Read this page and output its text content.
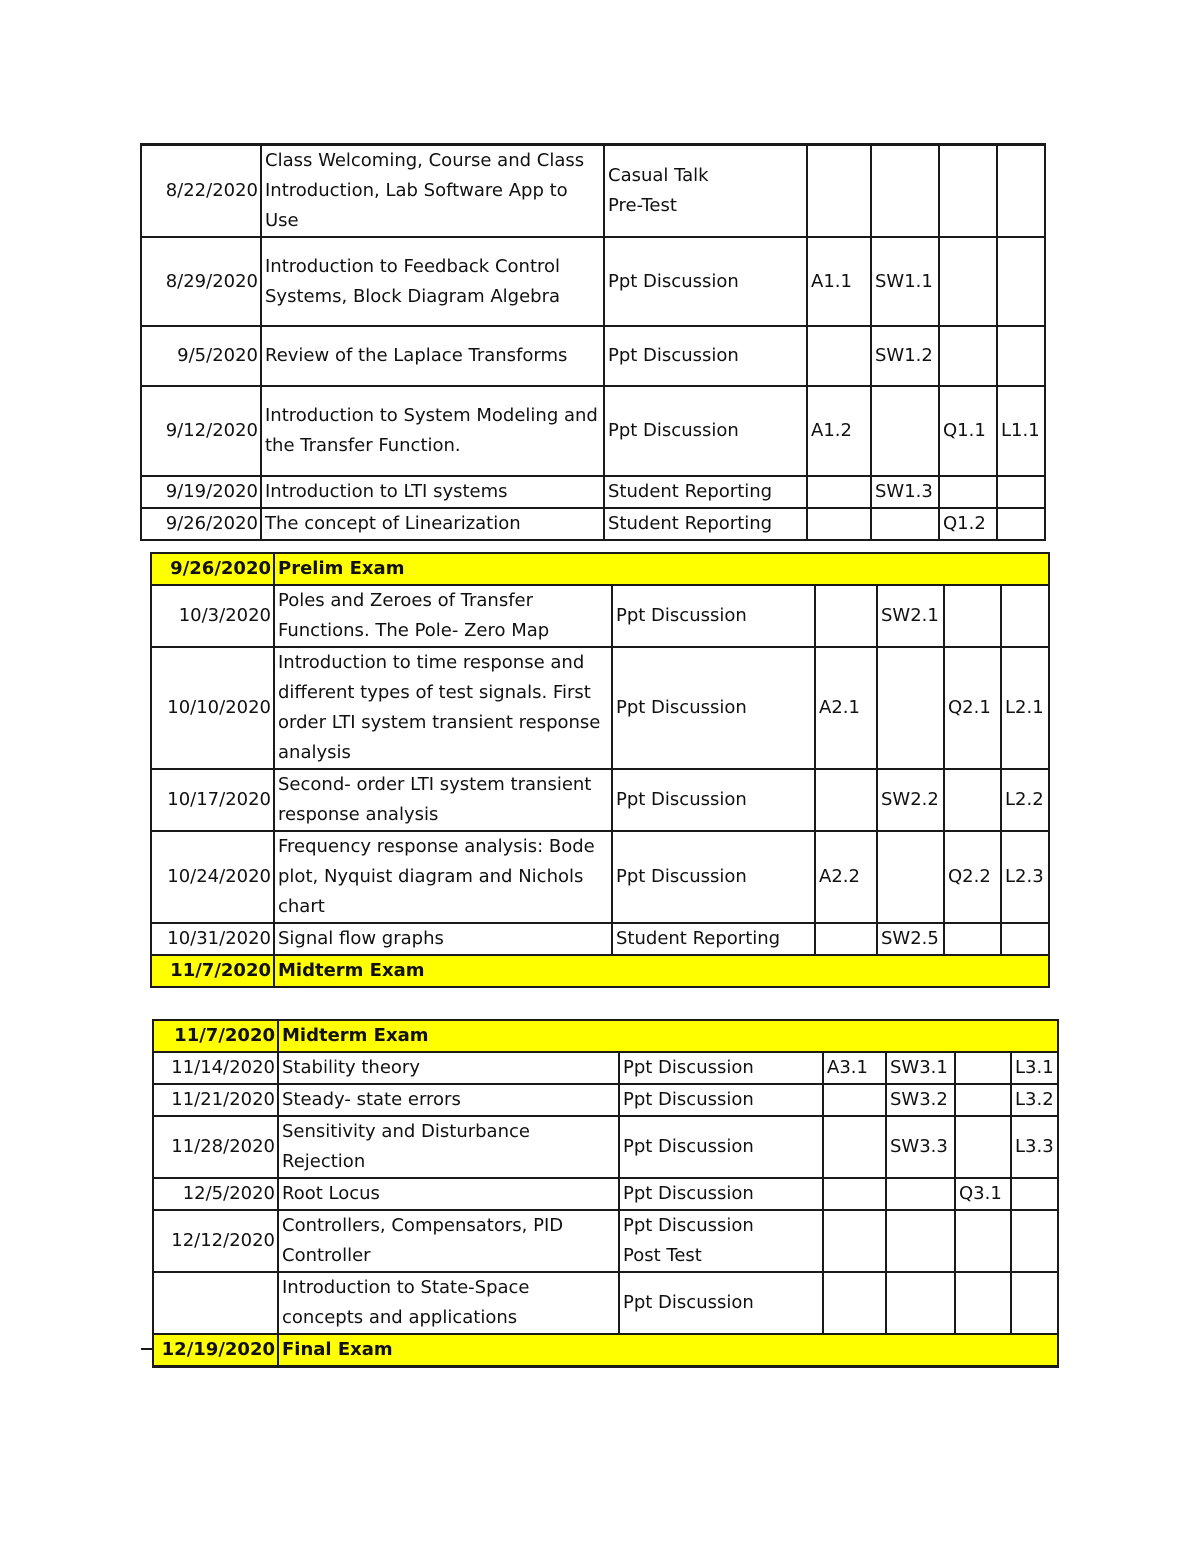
8/22/2020	Class Welcoming, Course and Class Introduction, Lab Software App to Use	Casual Talk
Pre-Test				
8/29/2020	Introduction to Feedback Control Systems, Block Diagram Algebra	Ppt Discussion	A1.1	SW1.1		
9/5/2020	Review of the Laplace Transforms	Ppt Discussion		SW1.2		
9/12/2020	Introduction to System Modeling and the Transfer Function.	Ppt Discussion	A1.2		Q1.1	L1.1
9/19/2020	Introduction to LTI systems	Student Reporting		SW1.3		
9/26/2020	The concept of Linearization	Student Reporting			Q1.2	
9/26/2020	Prelim Exam					
10/3/2020	Poles and Zeroes of Transfer Functions. The Pole- Zero Map	Ppt Discussion		SW2.1		
10/10/2020	Introduction to time response and different types of test signals. First order LTI system transient response analysis	Ppt Discussion	A2.1		Q2.1	L2.1
10/17/2020	Second- order LTI system transient response analysis	Ppt Discussion		SW2.2		L2.2
10/24/2020	Frequency response analysis: Bode plot, Nyquist diagram and Nichols chart	Ppt Discussion	A2.2		Q2.2	L2.3
10/31/2020	Signal flow graphs	Student Reporting		SW2.5		
11/7/2020	Midterm Exam					
11/7/2020	Midterm Exam					
11/14/2020	Stability theory	Ppt Discussion	A3.1	SW3.1		L3.1
11/21/2020	Steady- state errors	Ppt Discussion		SW3.2		L3.2
11/28/2020	Sensitivity and Disturbance Rejection	Ppt Discussion		SW3.3		L3.3
12/5/2020	Root Locus	Ppt Discussion			Q3.1	
12/12/2020	Controllers, Compensators, PID Controller	Ppt Discussion
Post Test				
	Introduction to State-Space concepts and applications	Ppt Discussion				
12/19/2020	Final Exam					
